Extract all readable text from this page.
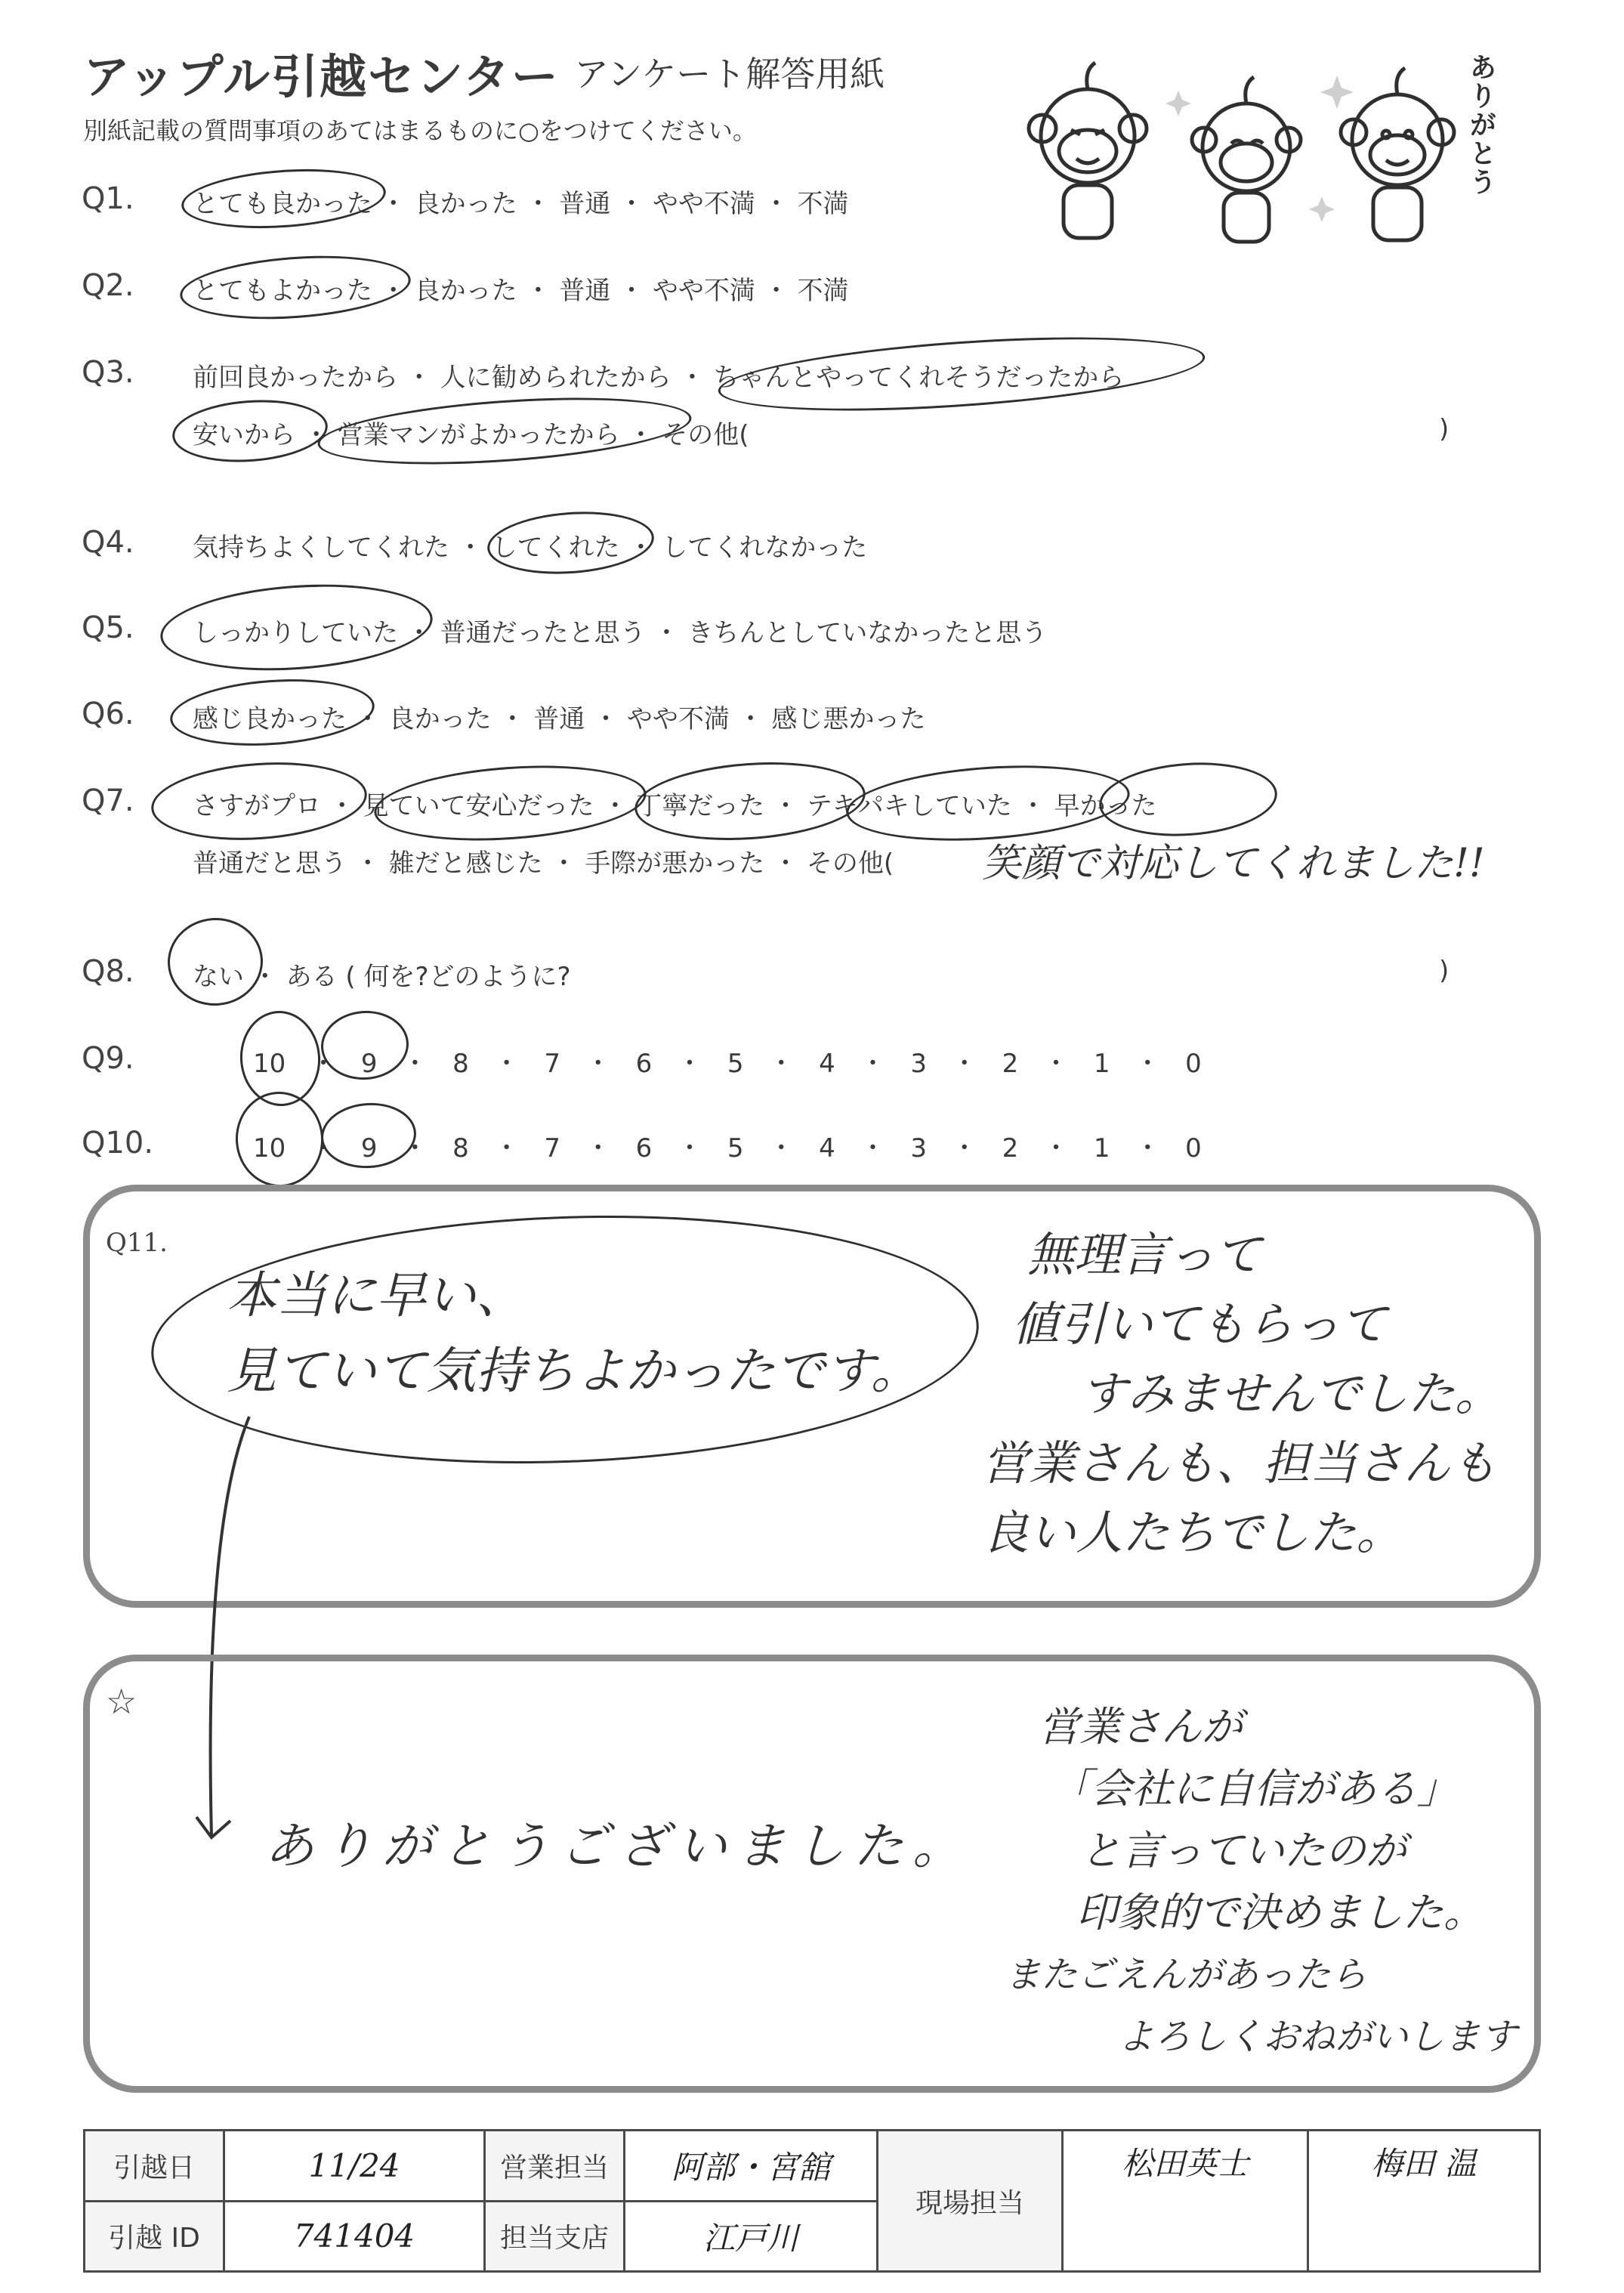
アップル引越センター アンケート解答用紙
別紙記載の質問事項のあてはまるものに○をつけてください。	ありがとう
Q1. とても良かった ・ 良かった ・ 普通 ・ やや不満 ・ 不満
Q2. とてもよかった ・ 良かった ・ 普通 ・ やや不満 ・ 不満
Q3. 前回良かったから ・ 人に勧められたから ・ ちゃんとやってくれそうだったから
安いから ・ 営業マンがよかったから ・ その他(	)
Q4. 気持ちよくしてくれた ・ してくれた ・ してくれなかった
Q5. しっかりしていた ・ 普通だったと思う ・ きちんとしていなかったと思う
Q6. 感じ良かった ・ 良かった ・ 普通 ・ やや不満 ・ 感じ悪かった
Q7. さすがプロ ・ 見ていて安心だった ・ 丁寧だった ・ テキパキしていた ・ 早かった
普通だと思う ・ 雑だと感じた ・ 手際が悪かった ・ その他( 笑顔で対応してくれました!!
Q8. ない ・ ある ( 何を?どのように?	)
Q9.	10 ・ 9 ・ 8 ・ 7 ・ 6 ・ 5 ・ 4 ・ 3 ・ 2 ・ 1 ・ 0
Q10.	10 ・ 9 ・ 8 ・ 7 ・ 6 ・ 5 ・ 4 ・ 3 ・ 2 ・ 1 ・ 0
Q11.
本当に早い、
見ていて気持ちよかったです。
無理言って
値引いてもらって
すみませんでした。
営業さんも、担当さんも
良い人たちでした。
☆
ありがとうございました。
営業さんが
「会社に自信がある」
と言っていたのが
印象的で決めました。
またごえんがあったら
よろしくおねがいします
引越日	11/24	営業担当	阿部・宮舘	現場担当	松田英士	梅田 温
引越 ID	741404	担当支店	江戸川			
